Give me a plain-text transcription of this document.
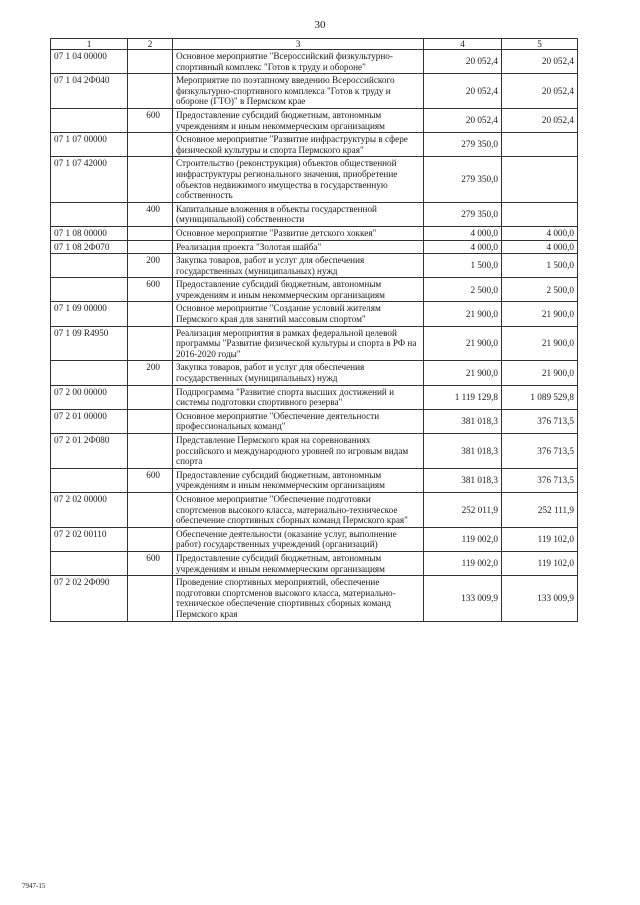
30
1	2	3	4	5
07 1 04 00000		Основное мероприятие "Всероссийский физкультурно-спортивный комплекс "Готов к труду и обороне"	20 052,4	20 052,4
07 1 04 2Ф040		Мероприятие по поэтапному введению Всероссийского физкультурно-спортивного комплекса "Готов к труду и обороне (ГТО)" в Пермском крае	20 052,4	20 052,4
	600	Предоставление субсидий бюджетным, автономным учреждениям и иным некоммерческим организациям	20 052,4	20 052,4
07 1 07 00000		Основное мероприятие "Развитие инфраструктуры в сфере физической культуры и спорта Пермского края"	279 350,0	
07 1 07 42000		Строительство (реконструкция) объектов общественной инфраструктуры регионального значения, приобретение объектов недвижимого имущества в государственную собственность	279 350,0	
	400	Капитальные вложения в объекты государственной (муниципальной) собственности	279 350,0	
07 1 08 00000		Основное мероприятие "Развитие детского хоккея"	4 000,0	4 000,0
07 1 08 2Ф070		Реализация проекта "Золотая шайба"	4 000,0	4 000,0
	200	Закупка товаров, работ и услуг для обеспечения государственных (муниципальных) нужд	1 500,0	1 500,0
	600	Предоставление субсидий бюджетным, автономным учреждениям и иным некоммерческим организациям	2 500,0	2 500,0
07 1 09 00000		Основное мероприятие "Создание условий жителям Пермского края для занятий массовым спортом"	21 900,0	21 900,0
07 1 09 R4950		Реализация мероприятия в рамках федеральной целевой программы "Развитие физической культуры и спорта в РФ на 2016-2020 годы"	21 900,0	21 900,0
	200	Закупка товаров, работ и услуг для обеспечения государственных (муниципальных) нужд	21 900,0	21 900,0
07 2 00 00000		Подпрограмма "Развитие спорта высших достижений и системы подготовки спортивного резерва"	1 119 129,8	1 089 529,8
07 2 01 00000		Основное мероприятие "Обеспечение деятельности профессиональных команд"	381 018,3	376 713,5
07 2 01 2Ф080		Представление Пермского края на соревнованиях российского и международного уровней по игровым видам спорта	381 018,3	376 713,5
	600	Предоставление субсидий бюджетным, автономным учреждениям и иным некоммерческим организациям	381 018,3	376 713,5
07 2 02 00000		Основное мероприятие "Обеспечение подготовки спортсменов высокого класса, материально-техническое обеспечение спортивных сборных команд Пермского края"	252 011,9	252 111,9
07 2 02 00110		Обеспечение деятельности (оказание услуг, выполнение работ) государственных учреждений (организаций)	119 002,0	119 102,0
	600	Предоставление субсидий бюджетным, автономным учреждениям и иным некоммерческим организациям	119 002,0	119 102,0
07 2 02 2Ф090		Проведение спортивных мероприятий, обеспечение подготовки спортсменов высокого класса, материально-техническое обеспечение спортивных сборных команд Пермского края	133 009,9	133 009,9
7947-15
